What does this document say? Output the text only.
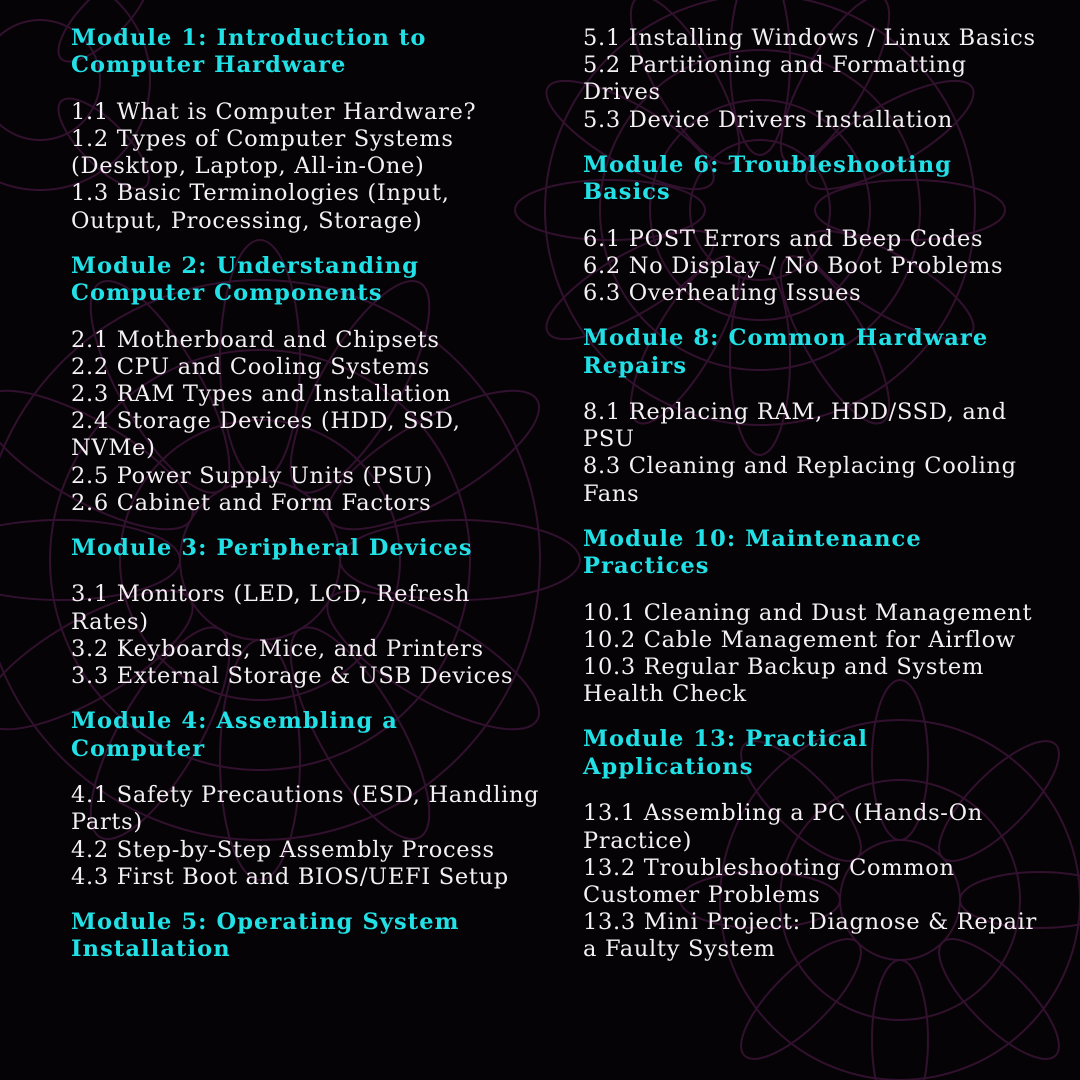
Module 1: Introduction to Computer Hardware
1.1 What is Computer Hardware?
1.2 Types of Computer Systems (Desktop, Laptop, All-in-One)
1.3 Basic Terminologies (Input, Output, Processing, Storage)
Module 2: Understanding Computer Components
2.1 Motherboard and Chipsets
2.2 CPU and Cooling Systems
2.3 RAM Types and Installation
2.4 Storage Devices (HDD, SSD, NVMe)
2.5 Power Supply Units (PSU)
2.6 Cabinet and Form Factors
Module 3: Peripheral Devices
3.1 Monitors (LED, LCD, Refresh Rates)
3.2 Keyboards, Mice, and Printers
3.3 External Storage & USB Devices
Module 4: Assembling a Computer
4.1 Safety Precautions (ESD, Handling Parts)
4.2 Step-by-Step Assembly Process
4.3 First Boot and BIOS/UEFI Setup
Module 5: Operating System Installation
5.1 Installing Windows / Linux Basics
5.2 Partitioning and Formatting Drives
5.3 Device Drivers Installation
Module 6: Troubleshooting Basics
6.1 POST Errors and Beep Codes
6.2 No Display / No Boot Problems
6.3 Overheating Issues
Module 8: Common Hardware Repairs
8.1 Replacing RAM, HDD/SSD, and PSU
8.3 Cleaning and Replacing Cooling Fans
Module 10: Maintenance Practices
10.1 Cleaning and Dust Management
10.2 Cable Management for Airflow
10.3 Regular Backup and System Health Check
Module 13: Practical Applications
13.1 Assembling a PC (Hands-On Practice)
13.2 Troubleshooting Common Customer Problems
13.3 Mini Project: Diagnose & Repair a Faulty System
